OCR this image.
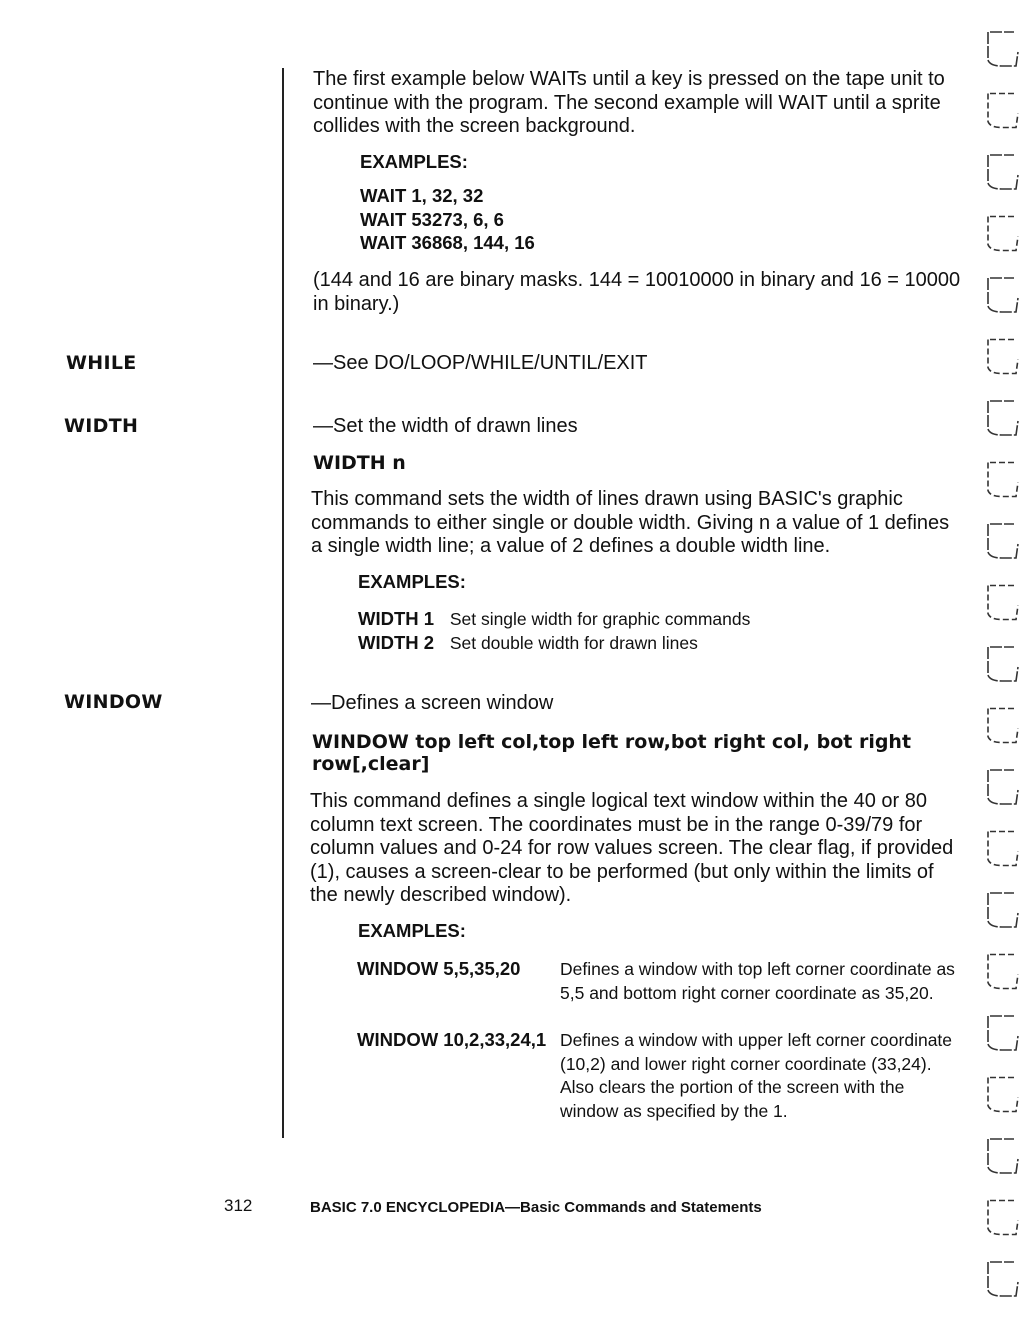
The first example below WAITs until a key is pressed on the tape unit to continue with the program. The second example will WAIT until a sprite collides with the screen background.

EXAMPLES:
WAIT 1, 32, 32
WAIT 53273, 6, 6
WAIT 36868, 144, 16

(144 and 16 are binary masks. 144 = 10010000 in binary and 16 = 10000 in binary.)

WHILE	—See DO/LOOP/WHILE/UNTIL/EXIT

WIDTH	—Set the width of drawn lines

WIDTH n

This command sets the width of lines drawn using BASIC's graphic commands to either single or double width. Giving n a value of 1 defines a single width line; a value of 2 defines a double width line.

EXAMPLES:
WIDTH 1 Set single width for graphic commands
WIDTH 2 Set double width for drawn lines
WINDOW	—Defines a screen window

WINDOW top left col,top left row,bot right col, bot right row[,clear]

This command defines a single logical text window within the 40 or 80 column text screen. The coordinates must be in the range 0-39/79 for column values and 0-24 for row values screen. The clear flag, if provided (1), causes a screen-clear to be performed (but only within the limits of the newly described window).

EXAMPLES:
WINDOW 5,5,35,20 Defines a window with top left corner coordinate as 5,5 and bottom right corner coordinate as 35,20.

WINDOW 10,2,33,24,1 Defines a window with upper left corner coordinate (10,2) and lower right corner coordinate (33,24). Also clears the portion of the screen with the window as specified by the 1.

312	BASIC 7.0 ENCYCLOPEDIA—Basic Commands and Statements
